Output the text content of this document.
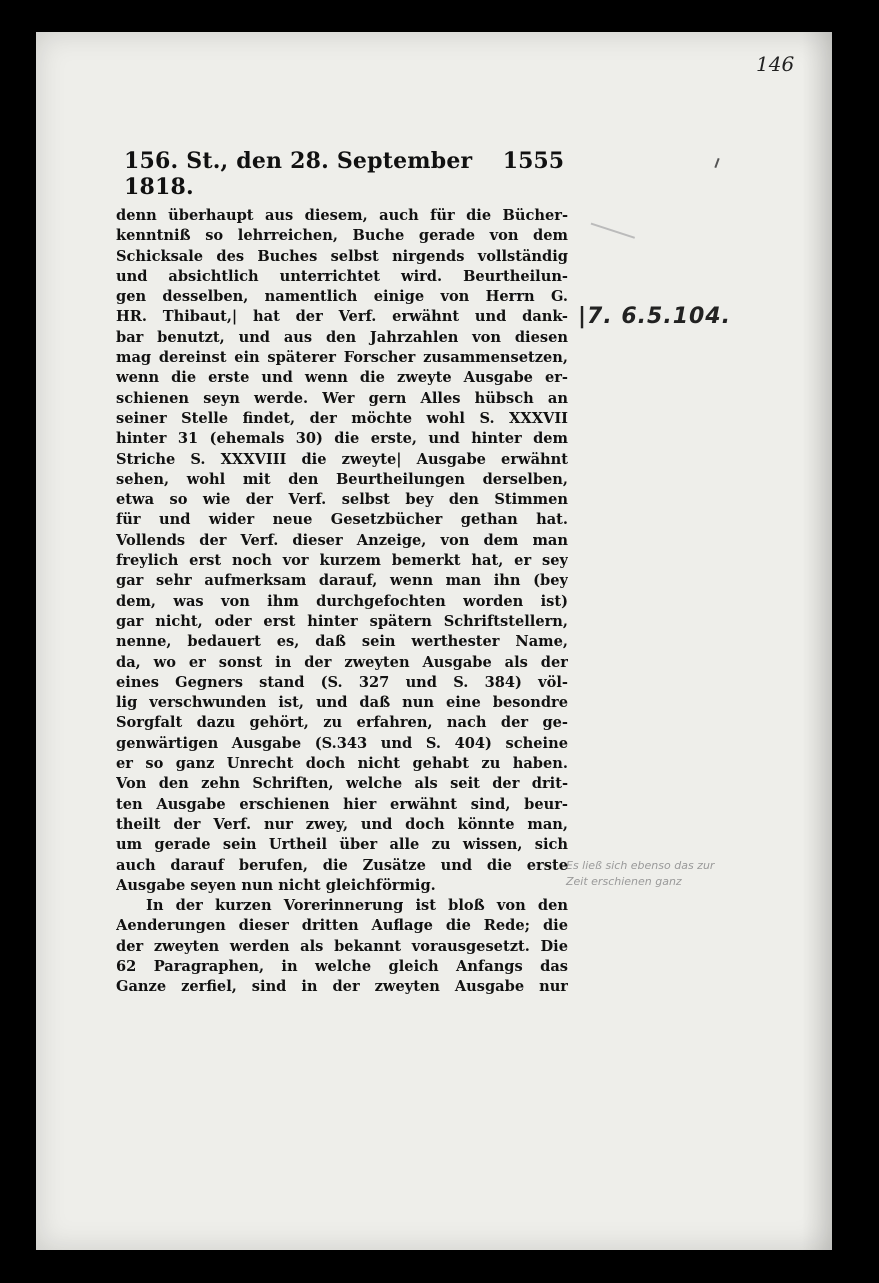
146
156. St., den 28. September 1818.
1555
|7. 6.5.104.
Es ließ sich ebenso das zur Zeit erschienen ganz
denn überhaupt aus diesem, auch für die Bücher-
kenntniß so lehrreichen, Buche gerade von dem
Schicksale des Buches selbst nirgends vollständig
und absichtlich unterrichtet wird. Beurtheilun-
gen desselben, namentlich einige von Herrn G.
HR. Thibaut,| hat der Verf. erwähnt und dank-
bar benutzt, und aus den Jahrzahlen von diesen
mag dereinst ein späterer Forscher zusammensetzen,
wenn die erste und wenn die zweyte Ausgabe er-
schienen seyn werde. Wer gern Alles hübsch an
seiner Stelle findet, der möchte wohl S. XXXVII
hinter 31 (ehemals 30) die erste, und hinter dem
Striche S. XXXVIII die zweyte| Ausgabe erwähnt
sehen, wohl mit den Beurtheilungen derselben,
etwa so wie der Verf. selbst bey den Stimmen
für und wider neue Gesetzbücher gethan hat.
Vollends der Verf. dieser Anzeige, von dem man
freylich erst noch vor kurzem bemerkt hat, er sey
gar sehr aufmerksam darauf, wenn man ihn (bey
dem, was von ihm durchgefochten worden ist)
gar nicht, oder erst hinter spätern Schriftstellern,
nenne, bedauert es, daß sein werthester Name,
da, wo er sonst in der zweyten Ausgabe als der
eines Gegners stand (S. 327 und S. 384) völ-
lig verschwunden ist, und daß nun eine besondre
Sorgfalt dazu gehört, zu erfahren, nach der ge-
genwärtigen Ausgabe (S.343 und S. 404) scheine
er so ganz Unrecht doch nicht gehabt zu haben.
Von den zehn Schriften, welche als seit der drit-
ten Ausgabe erschienen hier erwähnt sind, beur-
theilt der Verf. nur zwey, und doch könnte man,
um gerade sein Urtheil über alle zu wissen, sich
auch darauf berufen, die Zusätze und die erste
Ausgabe seyen nun nicht gleichförmig.
In der kurzen Vorerinnerung ist bloß von den
Aenderungen dieser dritten Auflage die Rede; die
der zweyten werden als bekannt vorausgesetzt. Die
62 Paragraphen, in welche gleich Anfangs das
Ganze zerfiel, sind in der zweyten Ausgabe nur
